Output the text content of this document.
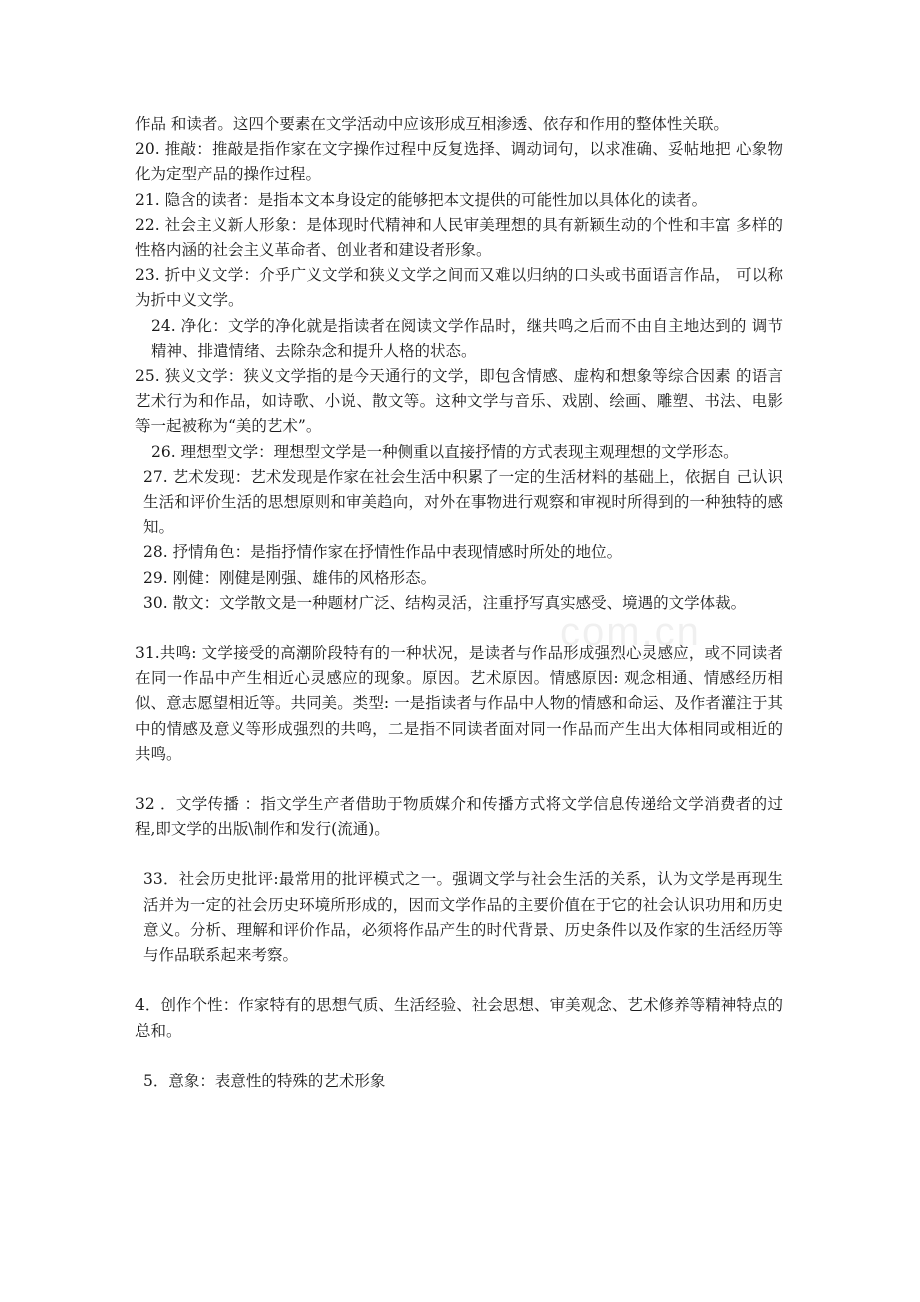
作品 和读者。这四个要素在文学活动中应该形成互相渗透、依存和作用的整体性关联。

20. 推敲：推敲是指作家在文字操作过程中反复选择、调动词句，以求准确、妥帖地把 心象物化为定型产品的操作过程。

21. 隐含的读者：是指本文本身设定的能够把本文提供的可能性加以具体化的读者。

22. 社会主义新人形象：是体现时代精神和人民审美理想的具有新颖生动的个性和丰富 多样的性格内涵的社会主义革命者、创业者和建设者形象。

23. 折中义文学：介乎广义文学和狭义文学之间而又难以归纳的口头或书面语言作品， 可以称为折中义文学。

24. 净化：文学的净化就是指读者在阅读文学作品时，继共鸣之后而不由自主地达到的 调节精神、排遣情绪、去除杂念和提升人格的状态。

25. 狭义文学：狭义文学指的是今天通行的文学，即包含情感、虚构和想象等综合因素 的语言艺术行为和作品，如诗歌、小说、散文等。这种文学与音乐、戏剧、绘画、雕塑、书法、电影等一起被称为“美的艺术”。

26. 理想型文学：理想型文学是一种侧重以直接抒情的方式表现主观理想的文学形态。

27. 艺术发现：艺术发现是作家在社会生活中积累了一定的生活材料的基础上，依据自 己认识生活和评价生活的思想原则和审美趋向，对外在事物进行观察和审视时所得到的一种独特的感知。

28. 抒情角色：是指抒情作家在抒情性作品中表现情感时所处的地位。

29. 刚健：刚健是刚强、雄伟的风格形态。

30. 散文：文学散文是一种题材广泛、结构灵活，注重抒写真实感受、境遇的文学体裁。

31.共鸣: 文学接受的高潮阶段特有的一种状况，是读者与作品形成强烈心灵感应，或不同读者在同一作品中产生相近心灵感应的现象。原因。艺术原因。情感原因: 观念相通、情感经历相似、意志愿望相近等。共同美。类型: 一是指读者与作品中人物的情感和命运、及作者灌注于其中的情感及意义等形成强烈的共鸣，二是指不同读者面对同一作品而产生出大体相同或相近的共鸣。

32 ．文学传播 ：指文学生产者借助于物质媒介和传播方式将文学信息传递给文学消费者的过 程,即文学的出版\制作和发行(流通)。

33．社会历史批评:最常用的批评模式之一。强调文学与社会生活的关系，认为文学是再现生活并为一定的社会历史环境所形成的，因而文学作品的主要价值在于它的社会认识功用和历史意义。分析、理解和评价作品，必须将作品产生的时代背景、历史条件以及作家的生活经历等与作品联系起来考察。

4．创作个性：作家特有的思想气质、生活经验、社会思想、审美观念、艺术修养等精神特点的总和。

5．意象：表意性的特殊的艺术形象

com.cn
